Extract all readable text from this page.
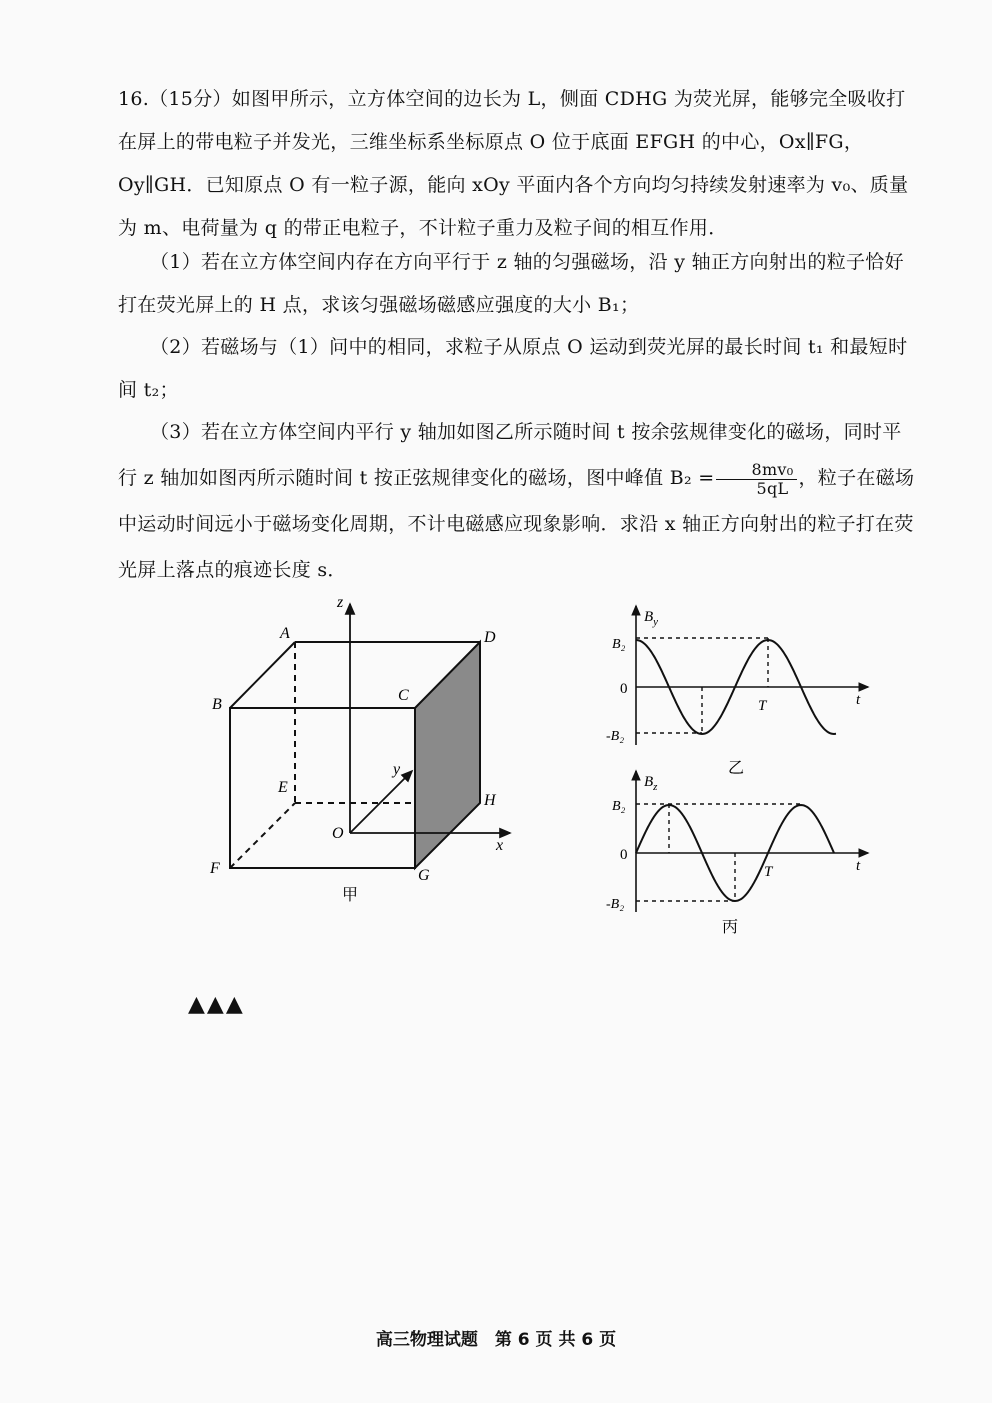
16.（15分）如图甲所示，立方体空间的边长为 L，侧面 CDHG 为荧光屏，能够完全吸收打在屏上的带电粒子并发光，三维坐标系坐标原点 O 位于底面 EFGH 的中心，Ox∥FG，Oy∥GH．已知原点 O 有一粒子源，能向 xOy 平面内各个方向均匀持续发射速率为 v₀、质量为 m、电荷量为 q 的带正电粒子，不计粒子重力及粒子间的相互作用．
（1）若在立方体空间内存在方向平行于 z 轴的匀强磁场，沿 y 轴正方向射出的粒子恰好打在荧光屏上的 H 点，求该匀强磁场磁感应强度的大小 B₁；
（2）若磁场与（1）问中的相同，求粒子从原点 O 运动到荧光屏的最长时间 t₁ 和最短时间 t₂；
（3）若在立方体空间内平行 y 轴加如图乙所示随时间 t 按余弦规律变化的磁场，同时平行 z 轴加如图丙所示随时间 t 按正弦规律变化的磁场，图中峰值 $B_2 = \frac{\text{8mv₀}}{5qL}$ ，粒子在磁场中运动时间远小于磁场变化周期，不计电磁感应现象影响．求沿 x 轴正方向射出的粒子打在荧光屏上落点的痕迹长度 s．
A
B
C
D
E
F	G
H
O
x
y
z
甲
$B_y$
B₂
0
-B₂
T	t
乙
$B_z$
B₂
0
-B₂
T	t
丙
▲▲▲
高三物理试题　第 6 页 共 6 页
